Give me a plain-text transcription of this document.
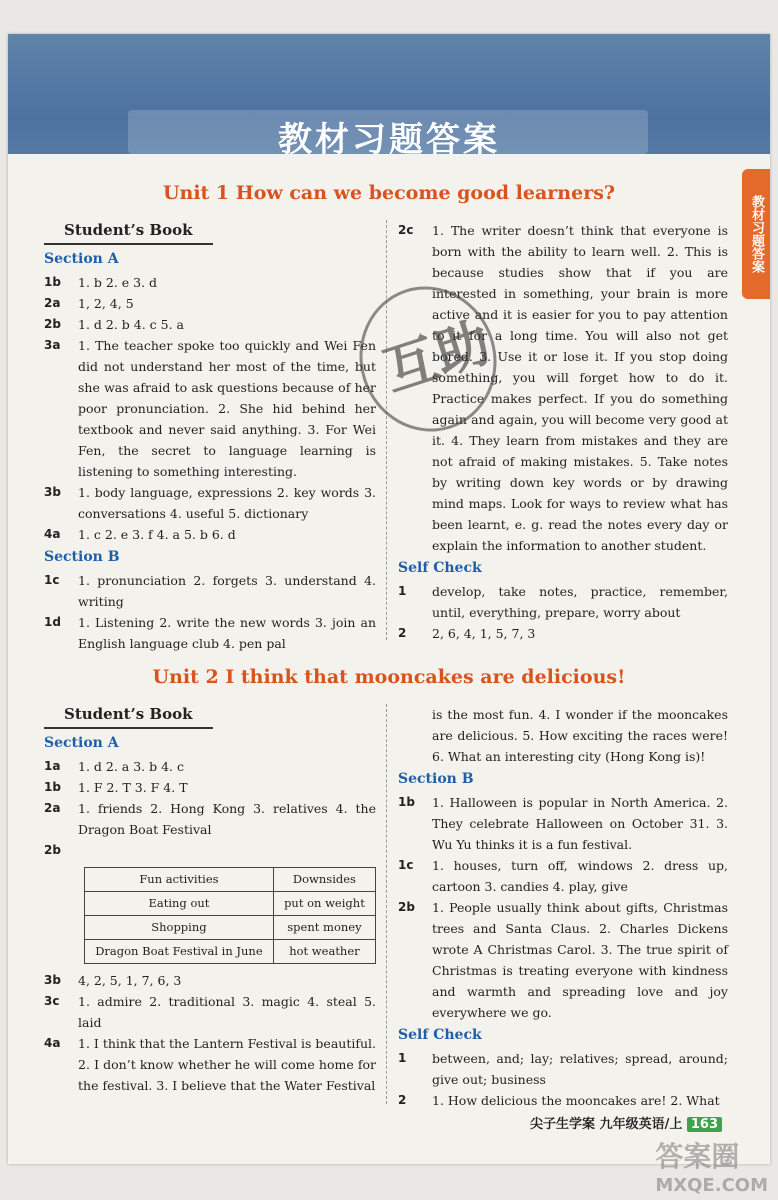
教材习题答案
教材习题答案
Unit 1 How can we become good learners?
Student’s Book
Section A
1b	1. b 2. e 3. d
2a	1, 2, 4, 5
2b	1. d 2. b 4. c 5. a
3a	1. The teacher spoke too quickly and Wei Fen did not understand her most of the time, but she was afraid to ask questions because of her poor pronunciation. 2. She hid behind her textbook and never said anything. 3. For Wei Fen, the secret to language learning is listening to something interesting.
3b	1. body language, expressions 2. key words 3. conversations 4. useful 5. dictionary
4a	1. c 2. e 3. f 4. a 5. b 6. d
Section B
1c	1. pronunciation 2. forgets 3. understand 4. writing
1d	1. Listening 2. write the new words 3. join an English language club 4. pen pal
2c	1. The writer doesn’t think that everyone is born with the ability to learn well. 2. This is because studies show that if you are interested in something, your brain is more active and it is easier for you to pay attention to it for a long time. You will also not get bored. 3. Use it or lose it. If you stop doing something, you will forget how to do it. Practice makes perfect. If you do something again and again, you will become very good at it. 4. They learn from mistakes and they are not afraid of making mistakes. 5. Take notes by writing down key words or by drawing mind maps. Look for ways to review what has been learnt, e. g. read the notes every day or explain the information to another student.
Self Check
1	develop, take notes, practice, remember, until, everything, prepare, worry about
2	2, 6, 4, 1, 5, 7, 3
Unit 2 I think that mooncakes are delicious!
Student’s Book
Section A
1a	1. d 2. a 3. b 4. c
1b	1. F 2. T 3. F 4. T
2a	1. friends 2. Hong Kong 3. relatives 4. the Dragon Boat Festival
2b
Fun activities	Downsides
Eating out	put on weight
Shopping	spent money
Dragon Boat Festival in June	hot weather
3b	4, 2, 5, 1, 7, 6, 3
3c	1. admire 2. traditional 3. magic 4. steal 5. laid
4a	1. I think that the Lantern Festival is beautiful. 2. I don’t know whether he will come home for the festival. 3. I believe that the Water Festival
is the most fun. 4. I wonder if the mooncakes are delicious. 5. How exciting the races were! 6. What an interesting city (Hong Kong is)!
Section B
1b	1. Halloween is popular in North America. 2. They celebrate Halloween on October 31. 3. Wu Yu thinks it is a fun festival.
1c	1. houses, turn off, windows 2. dress up, cartoon 3. candies 4. play, give
2b	1. People usually think about gifts, Christmas trees and Santa Claus. 2. Charles Dickens wrote A Christmas Carol. 3. The true spirit of Christmas is treating everyone with kindness and warmth and spreading love and joy everywhere we go.
Self Check
1	between, and; lay; relatives; spread, around; give out; business
2	1. How delicious the mooncakes are! 2. What
互助
尖子生学案 九年级英语/上 163
答案圈
MXQE.COM
